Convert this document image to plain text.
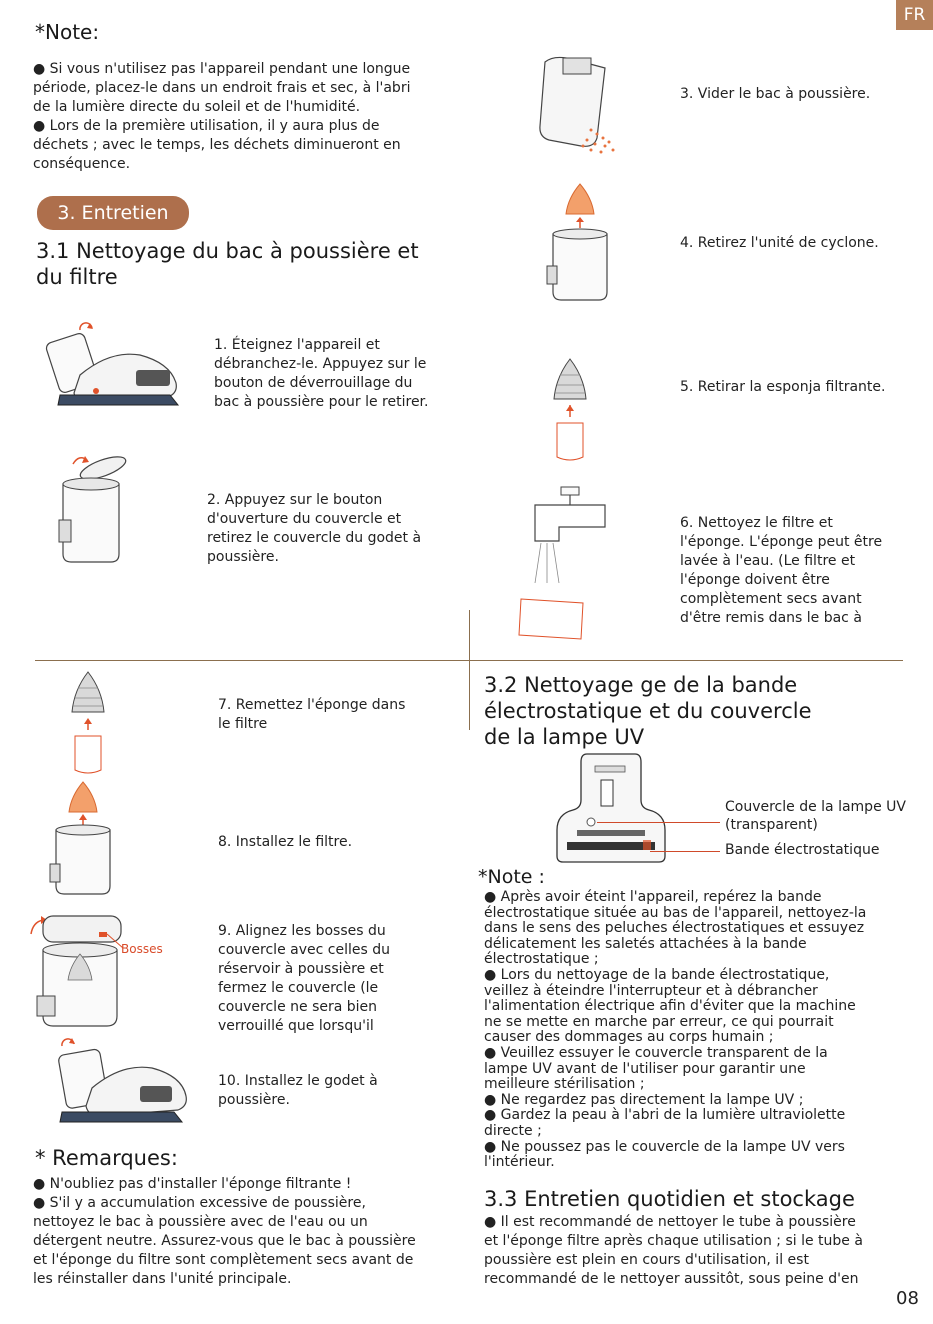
FR
08
*Note:
● Si vous n'utilisez pas l'appareil pendant une longue
période, placez-le dans un endroit frais et sec, à l'abri
de la lumière directe du soleil et de l'humidité.
● Lors de la première utilisation, il y aura plus de
déchets ; avec le temps, les déchets diminueront en
conséquence.
3. Entretien
3.1 Nettoyage du bac à poussière et
du filtre
1. Éteignez l'appareil et
débranchez-le. Appuyez sur le
bouton de déverrouillage du
bac à poussière pour le retirer.
2. Appuyez sur le bouton
d'ouverture du couvercle et
retirez le couvercle du godet à
poussière.
3. Vider le bac à poussière.
4. Retirez l'unité de cyclone.
5. Retirar la esponja filtrante.
6. Nettoyez le filtre et
l'éponge. L'éponge peut être
lavée à l'eau. (Le filtre et
l'éponge doivent être
complètement secs avant
d'être remis dans le bac à
7. Remettez l'éponge dans
le filtre
8. Installez le filtre.
Bosses
9. Alignez les bosses du
couvercle avec celles du
réservoir à poussière et
fermez le couvercle (le
couvercle ne sera bien
verrouillé que lorsqu'il
10. Installez le godet à
poussière.
* Remarques:
● N'oubliez pas d'installer l'éponge filtrante !
● S'il y a accumulation excessive de poussière,
nettoyez le bac à poussière avec de l'eau ou un
détergent neutre. Assurez-vous que le bac à poussière
et l'éponge du filtre sont complètement secs avant de
les réinstaller dans l'unité principale.
3.2 Nettoyage ge de la bande
électrostatique et du couvercle
de la lampe UV
Couvercle de la lampe UV
(transparent)
Bande électrostatique
*Note :
● Après avoir éteint l'appareil, repérez la bande
électrostatique située au bas de l'appareil, nettoyez-la
dans le sens des peluches électrostatiques et essuyez
délicatement les saletés attachées à la bande
électrostatique ;
● Lors du nettoyage de la bande électrostatique,
veillez à éteindre l'interrupteur et à débrancher
l'alimentation électrique afin d'éviter que la machine
ne se mette en marche par erreur, ce qui pourrait
causer des dommages au corps humain ;
● Veuillez essuyer le couvercle transparent de la
lampe UV avant de l'utiliser pour garantir une
meilleure stérilisation ;
● Ne regardez pas directement la lampe UV ;
● Gardez la peau à l'abri de la lumière ultraviolette
directe ;
● Ne poussez pas le couvercle de la lampe UV vers
l'intérieur.
3.3 Entretien quotidien et stockage
● Il est recommandé de nettoyer le tube à poussière
et l'éponge filtre après chaque utilisation ; si le tube à
poussière est plein en cours d'utilisation, il est
recommandé de le nettoyer aussitôt, sous peine d'en
